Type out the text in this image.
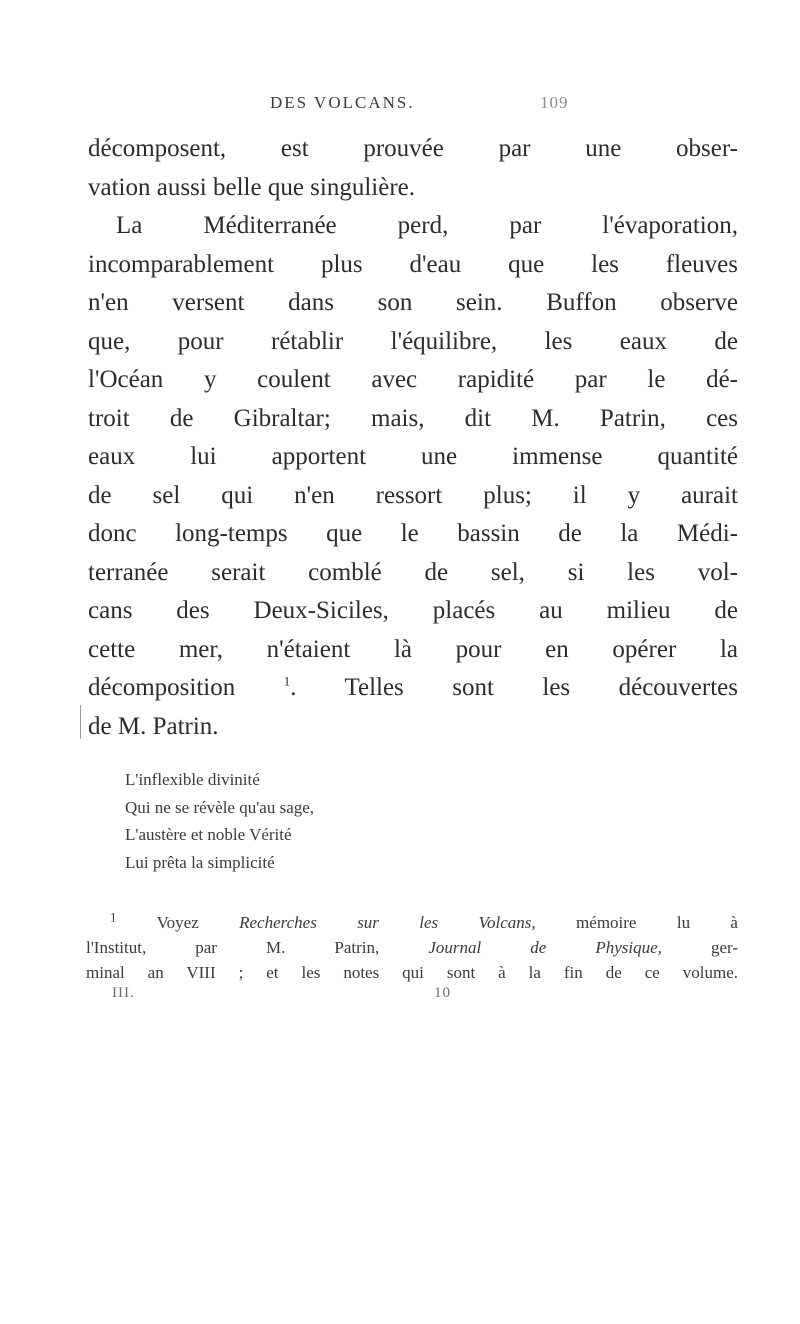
DES VOLCANS.	109
décomposent, est prouvée par une obser-
vation aussi belle que singulière.
La Méditerranée perd, par l'évaporation,
incomparablement plus d'eau que les fleuves
n'en versent dans son sein. Buffon observe
que, pour rétablir l'équilibre, les eaux de
l'Océan y coulent avec rapidité par le dé-
troit de Gibraltar; mais, dit M. Patrin, ces
eaux lui apportent une immense quantité
de sel qui n'en ressort plus; il y aurait
donc long-temps que le bassin de la Médi-
terranée serait comblé de sel, si les vol-
cans des Deux-Siciles, placés au milieu de
cette mer, n'étaient là pour en opérer la
décomposition	$^1$. Telles sont les découvertes
de M. Patrin.
L'inflexible divinité
Qui ne se révèle qu'au sage,
L'austère et noble Vérité
Lui prêta la simplicité
$^1$ Voyez Recherches sur les Volcans, mémoire lu à
l'Institut, par M. Patrin, Journal de Physique, ger-
minal an VIII ; et les notes qui sont à la fin de ce volume.
III.	10
